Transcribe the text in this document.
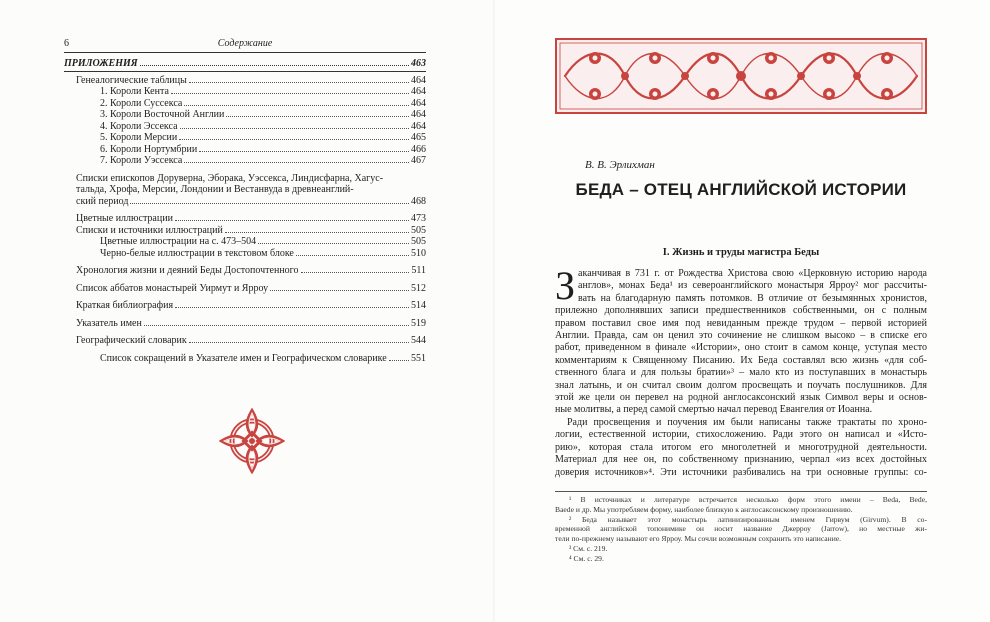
6	Содержание
ПРИЛОЖЕНИЯ	463
Генеалогические таблицы	464
1. Короли Кента	464
2. Короли Суссекса	464
3. Короли Восточной Англии	464
4. Короли Эссекса	464
5. Короли Мерсии	465
6. Короли Нортумбрии	466
7. Короли Уэссекса	467
Списки епископов Доруверна, Эборака, Уэссекса, Линдисфарна, Хагус-
тальда, Хрофа, Мерсии, Лондонии и Вестанвуда в древнеанглий-
ский период	468
Цветные иллюстрации	473
Списки и источники иллюстраций	505
Цветные иллюстрации на с. 473–504	505
Черно-белые иллюстрации в текстовом блоке	510
Хронология жизни и деяний Беды Достопочтенного	511
Список аббатов монастырей Уирмут и Ярроу	512
Краткая библиография	514
Указатель имен	519
Географический словарик	544
Список сокращений в Указателе имен и Географическом словарике 551
В. В. Эрлихман
БЕДА – ОТЕЦ АНГЛИЙСКОЙ ИСТОРИИ
I. Жизнь и труды магистра Беды
З аканчивая в 731 г. от Рождества Христова свою «Церковную историю народа
англов», монах Беда¹ из североанглийского монастыря Ярроу² мог рассчиты-
вать на благодарную память потомков. В отличие от безымянных хронистов,
прилежно дополнявших записи предшественников собственными, он с полным
правом поставил свое имя под невиданным прежде трудом – первой историей
Англии. Правда, сам он ценил это сочинение не слишком высоко – в списке его
работ, приведенном в финале «Истории», оно стоит в самом конце, уступая место
комментариям к Священному Писанию. Их Беда составлял всю жизнь «для соб-
ственного блага и для пользы братии»³ – мало кто из поступавших в монастырь
знал латынь, и он считал своим долгом просвещать и поучать послушников. Для
этой же цели он перевел на родной англосаксонский язык Символ веры и основ-
ные молитвы, а перед самой смертью начал перевод Евангелия от Иоанна.
Ради просвещения и поучения им были написаны также трактаты по хроно-
логии, естественной истории, стихосложению. Ради этого он написал и «Исто-
рию», которая стала итогом его многолетней и многотрудной деятельности.
Материал для нее он, по собственному признанию, черпал «из всех достойных
доверия источников»⁴. Эти источники разбивались на три основные группы: со-
¹ В источниках и литературе встречается несколько форм этого имени – Beda, Bede,
Baede и др. Мы употребляем форму, наиболее близкую к англосаксонскому произношению.
² Беда называет этот монастырь латинизированным именем Гирвум (Girvum). В со-
временной английской топонимике он носит название Джерроу (Jarrow), но местные жи-
тели по-прежнему называют его Ярроу. Мы сочли возможным сохранить это написание.
³ См. с. 219.
⁴ См. с. 29.
